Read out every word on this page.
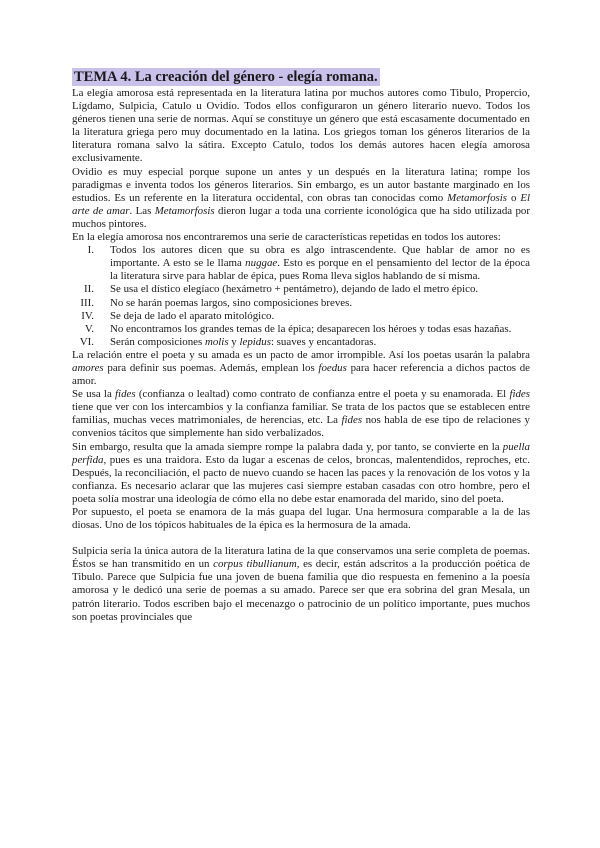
TEMA 4. La creación del género - elegía romana.

La elegía amorosa está representada en la literatura latina por muchos autores como Tibulo, Propercio, Lígdamo, Sulpicia, Catulo u Ovidio. Todos ellos configuraron un género literario nuevo. Todos los géneros tienen una serie de normas. Aquí se constituye un género que está escasamente documentado en la literatura griega pero muy documentado en la latina. Los griegos toman los géneros literarios de la literatura romana salvo la sátira. Excepto Catulo, todos los demás autores hacen elegía amorosa exclusivamente.

Ovidio es muy especial porque supone un antes y un después en la literatura latina; rompe los paradigmas e inventa todos los géneros literarios. Sin embargo, es un autor bastante marginado en los estudios. Es un referente en la literatura occidental, con obras tan conocidas como Metamorfosis o El arte de amar. Las Metamorfosis dieron lugar a toda una corriente iconológica que ha sido utilizada por muchos pintores.

En la elegía amorosa nos encontraremos una serie de características repetidas en todos los autores:

I. Todos los autores dicen que su obra es algo intrascendente. Que hablar de amor no es importante. A esto se le llama nuggae. Esto es porque en el pensamiento del lector de la época la literatura sirve para hablar de épica, pues Roma lleva siglos hablando de sí misma.
II. Se usa el dístico elegíaco (hexámetro + pentámetro), dejando de lado el metro épico.
III. No se harán poemas largos, sino composiciones breves.
IV. Se deja de lado el aparato mitológico.
V. No encontramos los grandes temas de la épica; desaparecen los héroes y todas esas hazañas.
VI. Serán composiciones molis y lepidus: suaves y encantadoras.

La relación entre el poeta y su amada es un pacto de amor irrompible. Así los poetas usarán la palabra amores para definir sus poemas. Además, emplean los foedus para hacer referencia a dichos pactos de amor.

Se usa la fides (confianza o lealtad) como contrato de confianza entre el poeta y su enamorada. El fides tiene que ver con los intercambios y la confianza familiar. Se trata de los pactos que se establecen entre familias, muchas veces matrimoniales, de herencias, etc. La fides nos habla de ese tipo de relaciones y convenios tácitos que simplemente han sido verbalizados.

Sin embargo, resulta que la amada siempre rompe la palabra dada y, por tanto, se convierte en la puella perfida, pues es una traidora. Esto da lugar a escenas de celos, broncas, malentendidos, reproches, etc. Después, la reconciliación, el pacto de nuevo cuando se hacen las paces y la renovación de los votos y la confianza. Es necesario aclarar que las mujeres casi siempre estaban casadas con otro hombre, pero el poeta solía mostrar una ideología de cómo ella no debe estar enamorada del marido, sino del poeta.

Por supuesto, el poeta se enamora de la más guapa del lugar. Una hermosura comparable a la de las diosas. Uno de los tópicos habituales de la épica es la hermosura de la amada.

Sulpicia sería la única autora de la literatura latina de la que conservamos una serie completa de poemas. Éstos se han transmitido en un corpus tibullianum, es decir, están adscritos a la producción poética de Tibulo. Parece que Sulpicia fue una joven de buena familia que dio respuesta en femenino a la poesía amorosa y le dedicó una serie de poemas a su amado. Parece ser que era sobrina del gran Mesala, un patrón literario. Todos escriben bajo el mecenazgo o patrocinio de un político importante, pues muchos son poetas provinciales que
